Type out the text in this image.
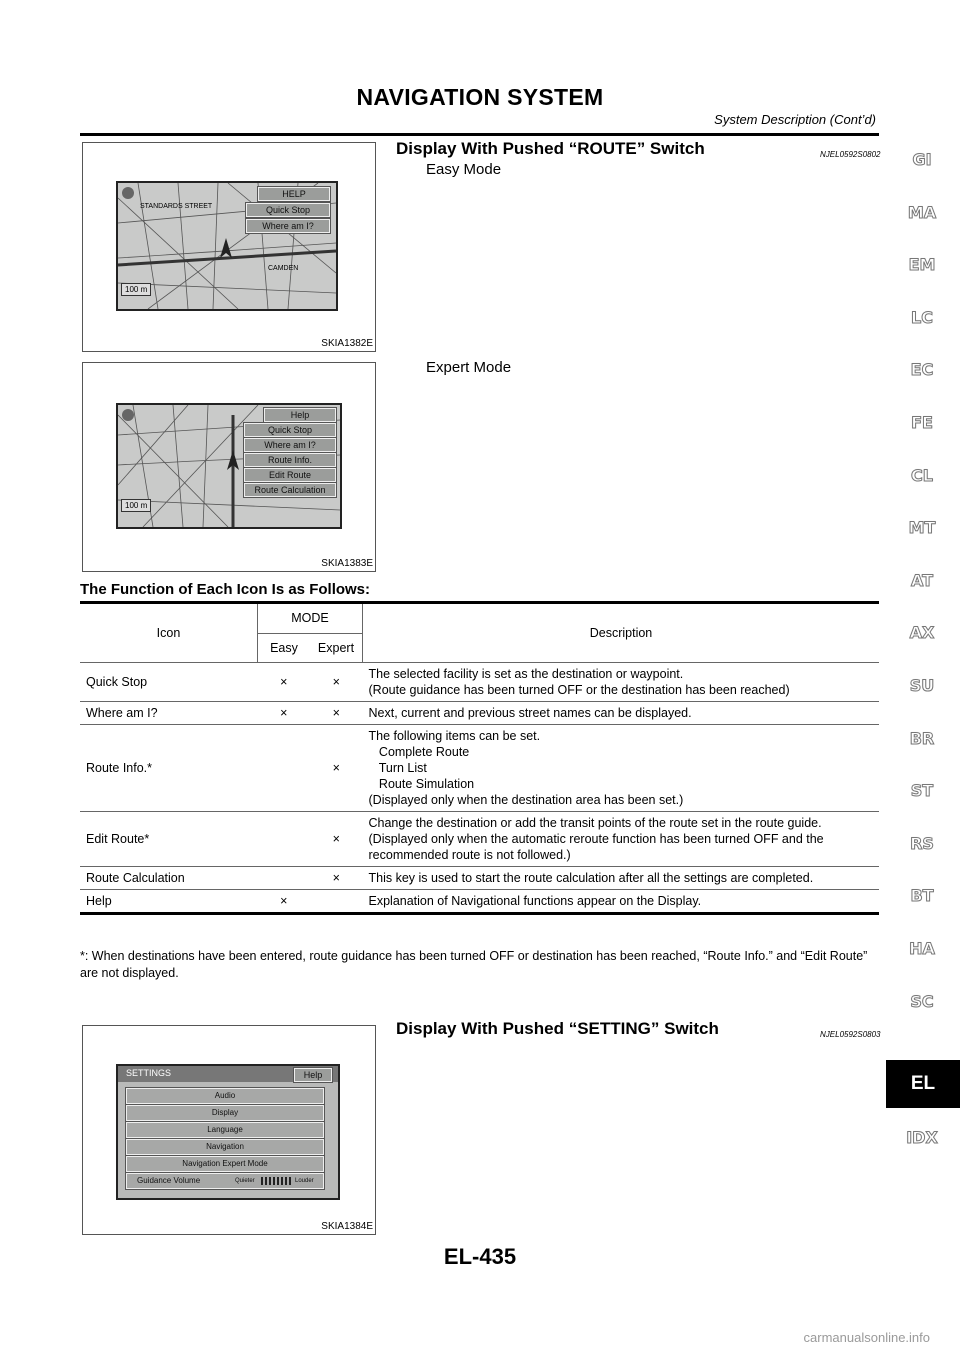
NAVIGATION SYSTEM
System Description (Cont’d)
STANDARDS STREET
CAMDEN
HELP
Quick Stop
Where am I?
100 m
SKIA1382E
Display With Pushed “ROUTE” Switch	NJEL0592S0802
Easy Mode
Help
Quick Stop
Where am I?
Route Info.
Edit Route
Route Calculation
100 m
SKIA1383E
Expert Mode
The Function of Each Icon Is as Follows:
Icon	MODE		Description
	Easy	Expert	
Quick Stop	×	×	The selected facility is set as the destination or waypoint.
(Route guidance has been turned OFF or the destination has been reached)

Where am I?	×	×	Next, current and previous street names can be displayed.

Route Info.*		×	The following items can be set.
Complete Route
Turn List
Route Simulation
(Displayed only when the destination area has been set.)

Edit Route*		×	Change the destination or add the transit points of the route set in the route guide.
(Displayed only when the automatic reroute function has been turned OFF and the
recommended route is not followed.)

Route Calculation		×	This key is used to start the route calculation after all the settings are completed.

Help	×		Explanation of Navigational functions appear on the Display.
*: When destinations have been entered, route guidance has been turned OFF or destination has been reached, “Route Info.” and “Edit Route” are not displayed.
SETTINGS	Help
Audio
Display
Language
Navigation
Navigation Expert Mode
Guidance Volume	Quieter	Louder
SKIA1384E
Display With Pushed “SETTING” Switch	NJEL0592S0803
GI
MA
EM
LC
EC
FE
CL
MT
AT
AX
SU
BR
ST
RS
BT
HA
SC
EL
IDX
EL-435
carmanualsonline.info
